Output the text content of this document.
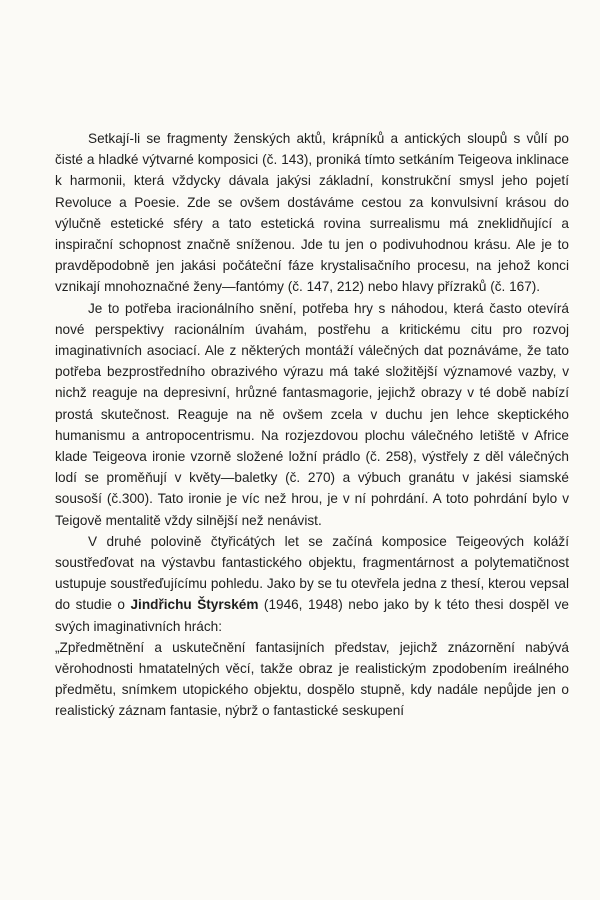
Setkají-li se fragmenty ženských aktů, krápníků a antických sloupů s vůlí po čisté a hladké výtvarné komposici (č. 143), proniká tímto setkáním Teigeova inklinace k harmonii, která vždycky dávala jakýsi základní, konstrukční smysl jeho pojetí Revoluce a Poesie. Zde se ovšem dostáváme cestou za konvulsivní krásou do výlučně estetické sféry a tato estetická rovina surrealismu má zneklidňující a inspirační schopnost značně sníženou. Jde tu jen o podivuhodnou krásu. Ale je to pravděpodobně jen jakási počáteční fáze krystalisačního procesu, na jehož konci vznikají mnohoznačné ženy—fantómy (č. 147, 212) nebo hlavy přízraků (č. 167).

Je to potřeba iracionálního snění, potřeba hry s náhodou, která často otevírá nové perspektivy racionálním úvahám, postřehu a kritickému citu pro rozvoj imaginativních asociací. Ale z některých montáží válečných dat poznáváme, že tato potřeba bezprostředního obrazivého výrazu má také složitější významové vazby, v nichž reaguje na depresivní, hrůzné fantasmagorie, jejichž obrazy v té době nabízí prostá skutečnost. Reaguje na ně ovšem zcela v duchu jen lehce skeptického humanismu a antropocentrismu. Na rozjezdovou plochu válečného letiště v Africe klade Teigeova ironie vzorně složené ložní prádlo (č. 258), výstřely z děl válečných lodí se proměňují v květy—baletky (č. 270) a výbuch granátu v jakési siamské sousoší (č.300). Tato ironie je víc než hrou, je v ní pohrdání. A toto pohrdání bylo v Teigově mentalitě vždy silnější než nenávist.

V druhé polovině čtyřicátých let se začíná komposice Teigeových koláží soustřeďovat na výstavbu fantastického objektu, fragmentárnost a polytematičnost ustupuje soustřeďujícímu pohledu. Jako by se tu otevřela jedna z thesí, kterou vepsal do studie o Jindřichu Štyrském (1946, 1948) nebo jako by k této thesi dospěl ve svých imaginativních hrách:

„Zpředmětnění a uskutečnění fantasijních představ, jejichž znázornění nabývá věrohodnosti hmatatelných věcí, takže obraz je realistickým zpodobením ireálného předmětu, snímkem utopického objektu, dospělo stupně, kdy nadále nepůjde jen o realistický záznam fantasie, nýbrž o fantastické seskupení
